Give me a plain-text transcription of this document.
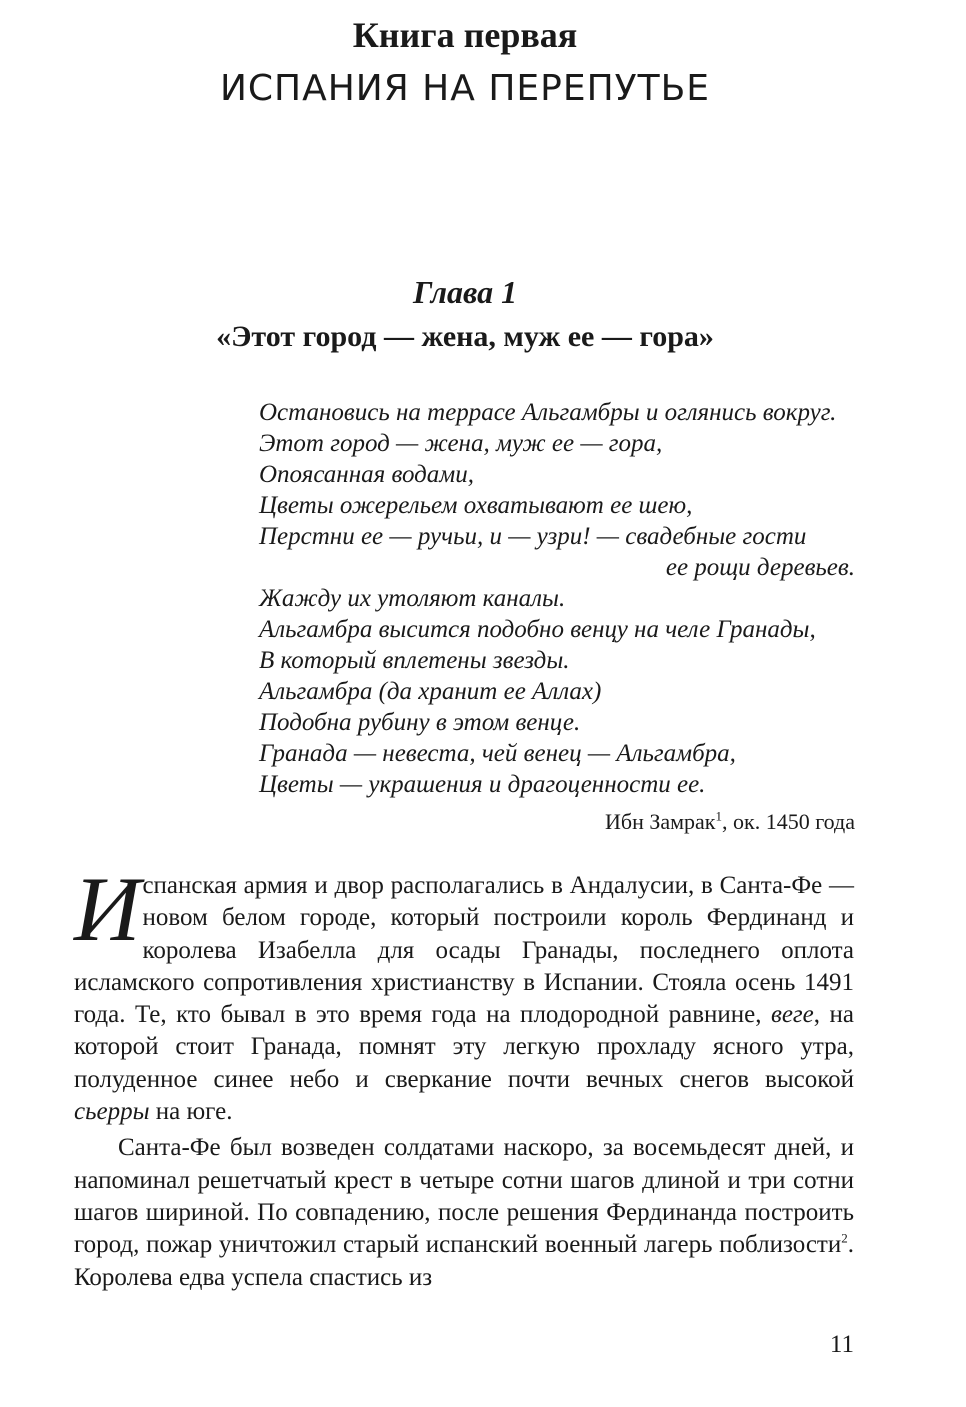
Книга первая
ИСПАНИЯ НА ПЕРЕПУТЬЕ
Глава 1
«Этот город — жена, муж ее — гора»
Остановись на террасе Альгамбры и оглянись вокруг.
Этот город — жена, муж ее — гора,
Опоясанная водами,
Цветы ожерельем охватывают ее шею,
Перстни ее — ручьи, и — узри! — свадебные гости
ее рощи деревьев.
Жажду их утоляют каналы.
Альгамбра высится подобно венцу на челе Гранады,
В который вплетены звезды.
Альгамбра (да хранит ее Аллах)
Подобна рубину в этом венце.
Гранада — невеста, чей венец — Альгамбра,
Цветы — украшения и драгоценности ее.
Ибн Замрак$^1$, ок. 1450 года

Испанская армия и двор располагались в Андалусии, в Санта-Фе — новом белом городе, который построили король Фердинанд и королева Изабелла для осады Гранады, последнего оплота исламского сопротивления христианству в Испании. Стояла осень 1491 года. Те, кто бывал в это время года на плодородной равнине, веге, на которой стоит Гранада, помнят эту легкую прохладу ясного утра, полуденное синее небо и сверкание почти вечных снегов высокой сьерры на юге.

Санта-Фе был возведен солдатами наскоро, за восемьдесят дней, и напоминал решетчатый крест в четыре сотни шагов длиной и три сотни шагов шириной. По совпадению, после решения Фердинанда построить город, пожар уничтожил старый испанский военный лагерь поблизости$^2$. Королева едва успела спастись из

11
